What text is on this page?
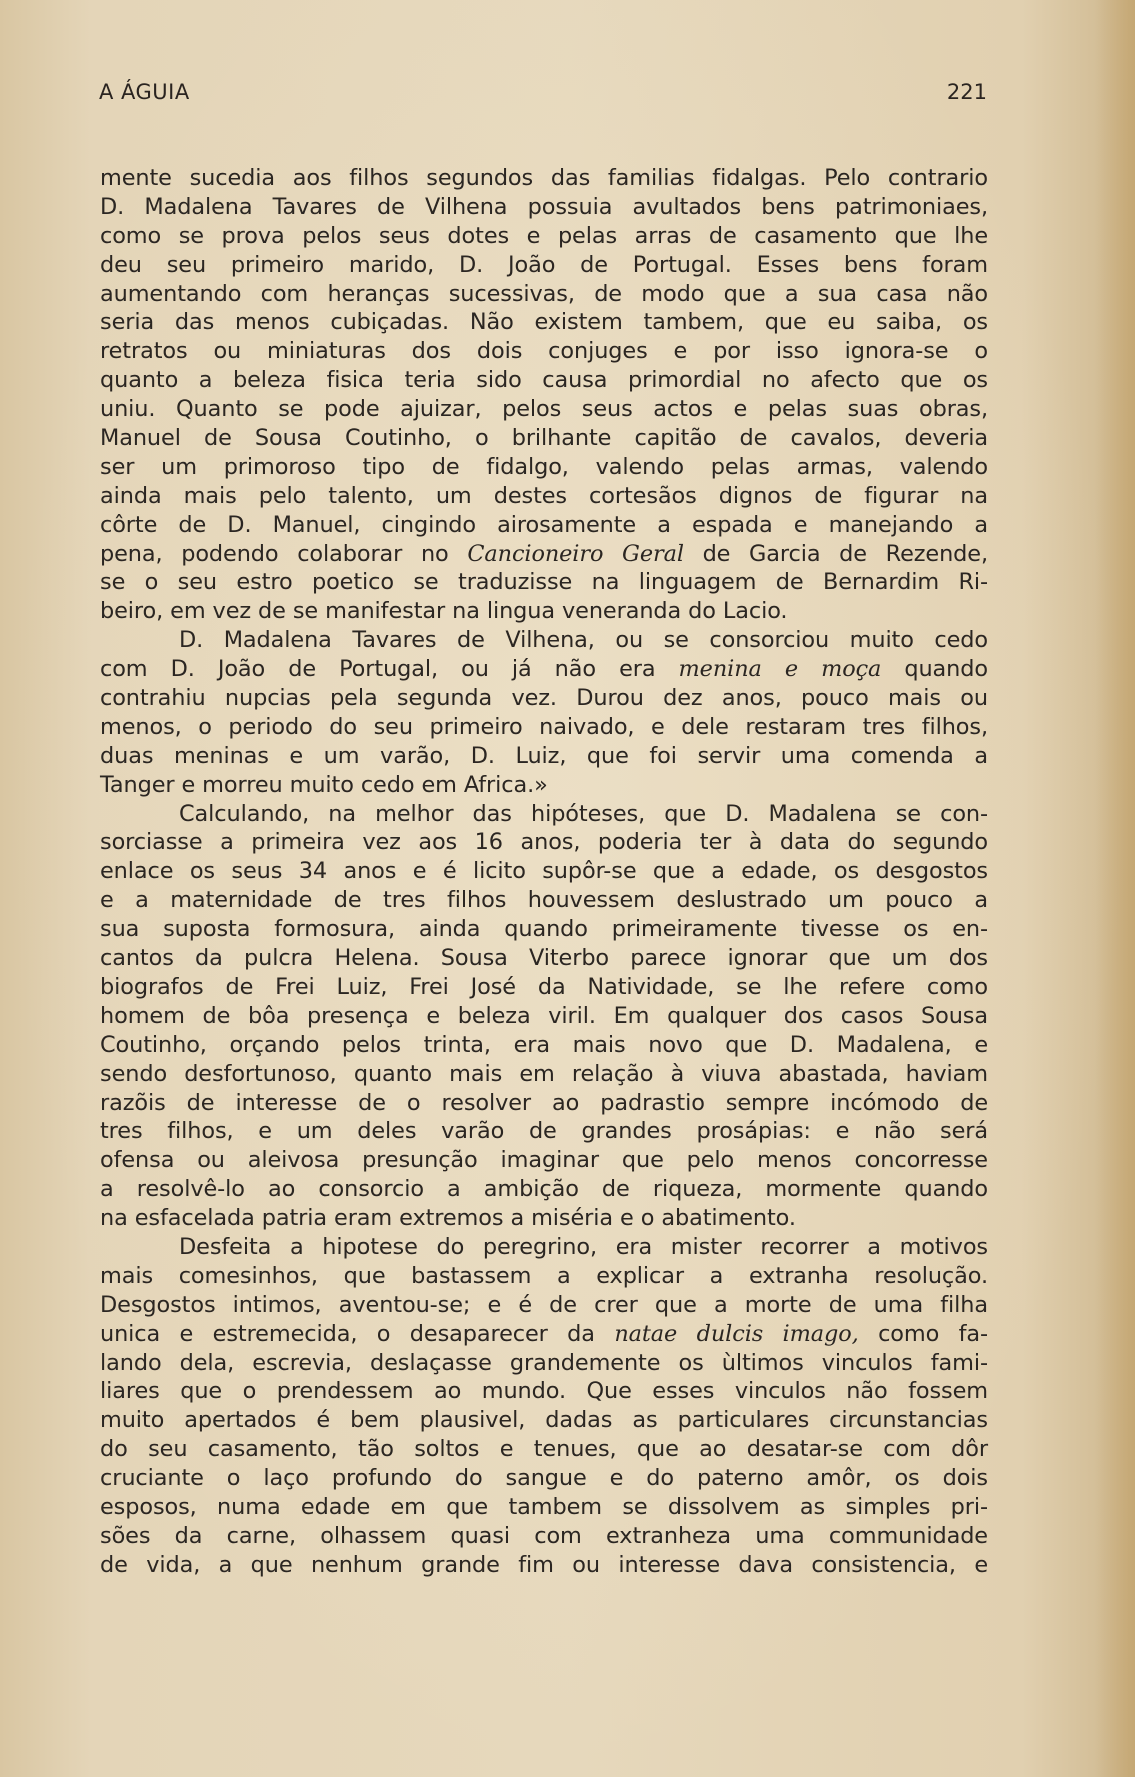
A ÁGUIA	221
mente sucedia aos filhos segundos das familias fidalgas. Pelo contrario
D. Madalena Tavares de Vilhena possuia avultados bens patrimoniaes,
como se prova pelos seus dotes e pelas arras de casamento que lhe
deu seu primeiro marido, D. João de Portugal. Esses bens foram
aumentando com heranças sucessivas, de modo que a sua casa não
seria das menos cubiçadas. Não existem tambem, que eu saiba, os
retratos ou miniaturas dos dois conjuges e por isso ignora-se o
quanto a beleza fisica teria sido causa primordial no afecto que os
uniu. Quanto se pode ajuizar, pelos seus actos e pelas suas obras,
Manuel de Sousa Coutinho, o brilhante capitão de cavalos, deveria
ser um primoroso tipo de fidalgo, valendo pelas armas, valendo
ainda mais pelo talento, um destes cortesãos dignos de figurar na
côrte de D. Manuel, cingindo airosamente a espada e manejando a
pena, podendo colaborar no Cancioneiro Geral de Garcia de Rezende,
se o seu estro poetico se traduzisse na linguagem de Bernardim Ri-
beiro, em vez de se manifestar na lingua veneranda do Lacio.
D. Madalena Tavares de Vilhena, ou se consorciou muito cedo
com D. João de Portugal, ou já não era menina e moça quando
contrahiu nupcias pela segunda vez. Durou dez anos, pouco mais ou
menos, o periodo do seu primeiro naivado, e dele restaram tres filhos,
duas meninas e um varão, D. Luiz, que foi servir uma comenda a
Tanger e morreu muito cedo em Africa.»
Calculando, na melhor das hipóteses, que D. Madalena se con-
sorciasse a primeira vez aos 16 anos, poderia ter à data do segundo
enlace os seus 34 anos e é licito supôr-se que a edade, os desgostos
e a maternidade de tres filhos houvessem deslustrado um pouco a
sua suposta formosura, ainda quando primeiramente tivesse os en-
cantos da pulcra Helena. Sousa Viterbo parece ignorar que um dos
biografos de Frei Luiz, Frei José da Natividade, se lhe refere como
homem de bôa presença e beleza viril. Em qualquer dos casos Sousa
Coutinho, orçando pelos trinta, era mais novo que D. Madalena, e
sendo desfortunoso, quanto mais em relação à viuva abastada, haviam
razõis de interesse de o resolver ao padrastio sempre incómodo de
tres filhos, e um deles varão de grandes prosápias: e não será
ofensa ou aleivosa presunção imaginar que pelo menos concorresse
a resolvê-lo ao consorcio a ambição de riqueza, mormente quando
na esfacelada patria eram extremos a miséria e o abatimento.
Desfeita a hipotese do peregrino, era mister recorrer a motivos
mais comesinhos, que bastassem a explicar a extranha resolução.
Desgostos intimos, aventou-se; e é de crer que a morte de uma filha
unica e estremecida, o desaparecer da natae dulcis imago, como fa-
lando dela, escrevia, deslaçasse grandemente os ùltimos vinculos fami-
liares que o prendessem ao mundo. Que esses vinculos não fossem
muito apertados é bem plausivel, dadas as particulares circunstancias
do seu casamento, tão soltos e tenues, que ao desatar-se com dôr
cruciante o laço profundo do sangue e do paterno amôr, os dois
esposos, numa edade em que tambem se dissolvem as simples pri-
sões da carne, olhassem quasi com extranheza uma communidade
de vida, a que nenhum grande fim ou interesse dava consistencia, e
